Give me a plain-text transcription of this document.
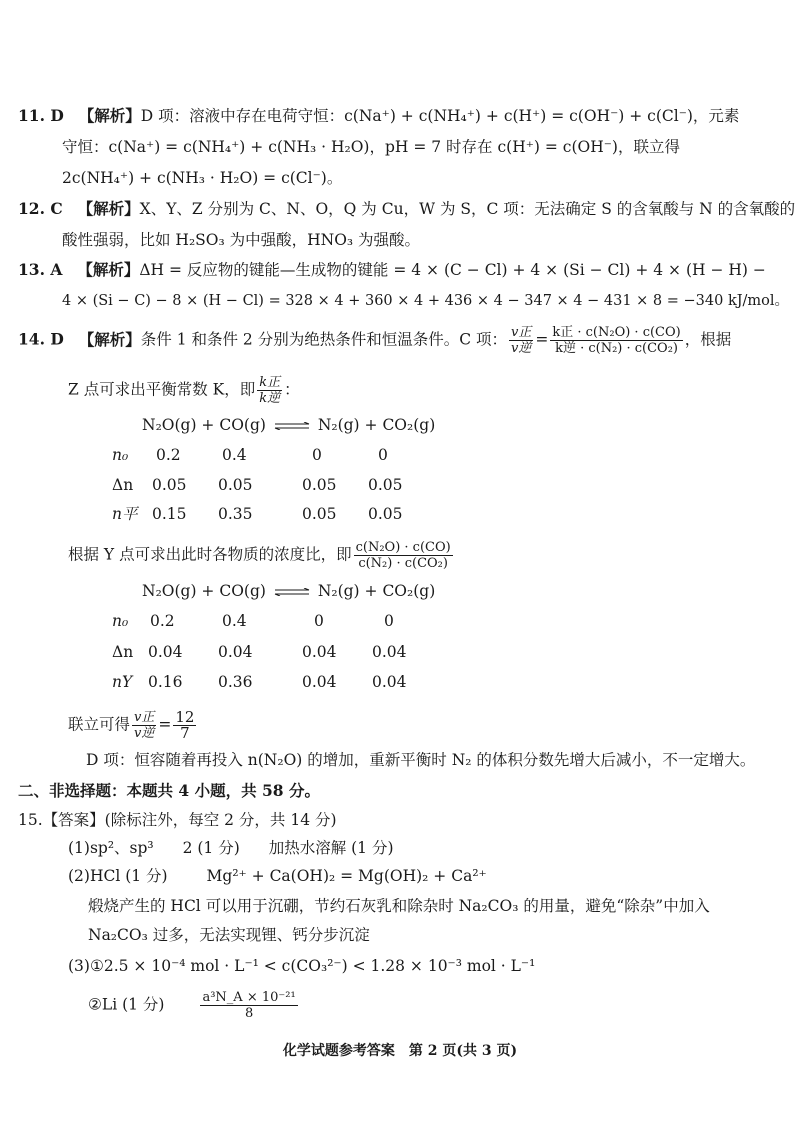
11. D 【解析】D 项：溶液中存在电荷守恒：c(Na⁺) + c(NH₄⁺) + c(H⁺) = c(OH⁻) + c(Cl⁻)，元素
守恒：c(Na⁺) = c(NH₄⁺) + c(NH₃ · H₂O)，pH = 7 时存在 c(H⁺) = c(OH⁻)，联立得
2c(NH₄⁺) + c(NH₃ · H₂O) = c(Cl⁻)。
12. C 【解析】X、Y、Z 分别为 C、N、O，Q 为 Cu，W 为 S，C 项：无法确定 S 的含氧酸与 N 的含氧酸的
酸性强弱，比如 H₂SO₃ 为中强酸，HNO₃ 为强酸。
13. A 【解析】ΔH = 反应物的键能—生成物的键能 = 4 × (C − Cl) + 4 × (Si − Cl) + 4 × (H − H) −
4 × (Si − C) − 8 × (H − Cl) = 328 × 4 + 360 × 4 + 436 × 4 − 347 × 4 − 431 × 8 = −340 kJ/mol。
14. D 【解析】条件 1 和条件 2 分别为绝热条件和恒温条件。C 项： $\frac{\text{v正}}{\text{v逆}} = \frac{\text{k正 · c(N₂O) · c(CO)}}{\text{k逆 · c(N₂) · c(CO₂)}}$ ，根据
Z 点可求出平衡常数 K，即 $\frac{\text{k正}}{\text{k逆}}$ ：
N₂O(g) + CO(g) ⇌ N₂(g) + CO₂(g)
n₀ 0.2	0.4	0	0
Δn 0.05 0.05	0.05 0.05
n平 0.15 0.35	0.05 0.05
根据 Y 点可求出此时各物质的浓度比，即 $\frac{\text{c(N₂O) · c(CO)}}{\text{c(N₂) · c(CO₂)}}$
N₂O(g) + CO(g) ⇌ N₂(g) + CO₂(g)
n₀ 0.2	0.4	0	0
Δn 0.04 0.04	0.04 0.04
nY 0.16 0.36	0.04 0.04
联立可得 $\frac{\text{v正}}{\text{v逆}} = \frac{12}{7}$
D 项：恒容随着再投入 n(N₂O) 的增加，重新平衡时 N₂ 的体积分数先增大后减小，不一定增大。
二、非选择题：本题共 4 小题，共 58 分。
15.【答案】(除标注外，每空 2 分，共 14 分)
(1)sp²、sp³ 2 (1 分) 加热水溶解 (1 分)
(2)HCl (1 分)	Mg²⁺ + Ca(OH)₂ = Mg(OH)₂ + Ca²⁺
煅烧产生的 HCl 可以用于沉硼，节约石灰乳和除杂时 Na₂CO₃ 的用量，避免“除杂”中加入
Na₂CO₃ 过多，无法实现锂、钙分步沉淀
(3)①2.5 × 10⁻⁴ mol · L⁻¹ < c(CO₃²⁻) < 1.28 × 10⁻³ mol · L⁻¹
②Li (1 分)	$\frac{\text{a³N\_A × 10⁻²¹}}{8}$
化学试题参考答案　第 2 页(共 3 页)
